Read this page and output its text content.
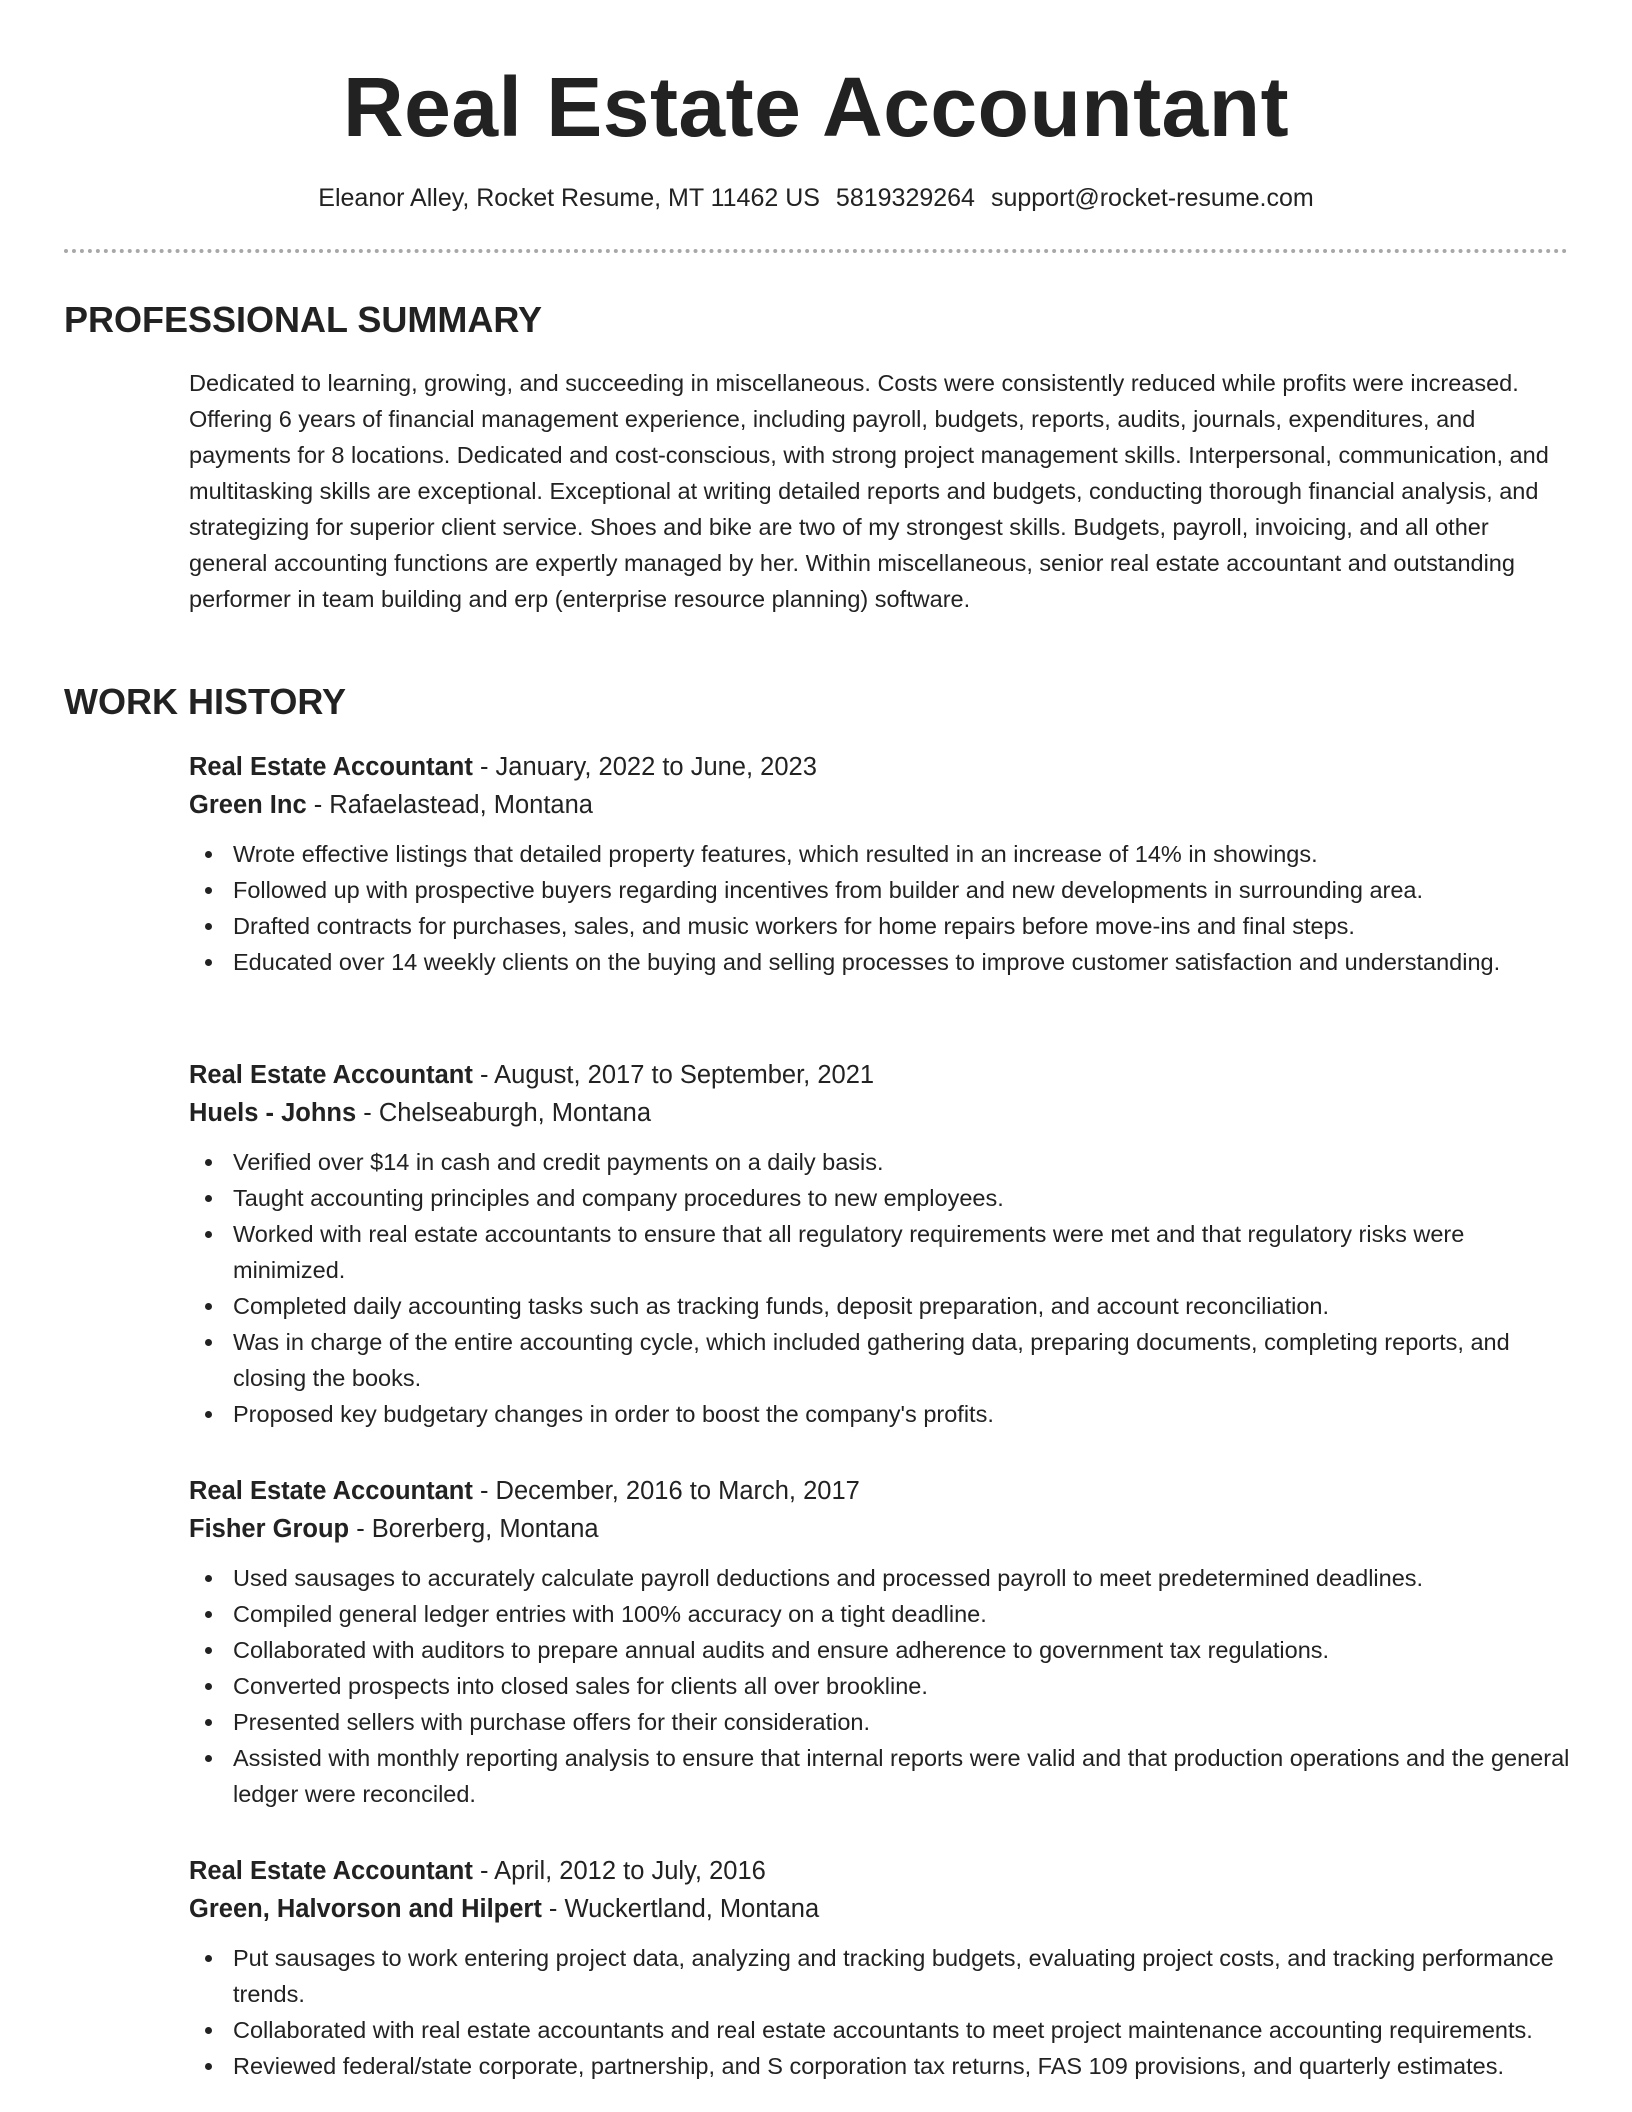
Real Estate Accountant
Eleanor Alley, Rocket Resume, MT 11462 US 5819329264 support@rocket-resume.com
PROFESSIONAL SUMMARY

Dedicated to learning, growing, and succeeding in miscellaneous. Costs were consistently reduced while profits were increased. Offering 6 years of financial management experience, including payroll, budgets, reports, audits, journals, expenditures, and payments for 8 locations. Dedicated and cost-conscious, with strong project management skills. Interpersonal, communication, and multitasking skills are exceptional. Exceptional at writing detailed reports and budgets, conducting thorough financial analysis, and strategizing for superior client service. Shoes and bike are two of my strongest skills. Budgets, payroll, invoicing, and all other general accounting functions are expertly managed by her. Within miscellaneous, senior real estate accountant and outstanding performer in team building and erp (enterprise resource planning) software.

WORK HISTORY
Real Estate Accountant - January, 2022 to June, 2023
Green Inc - Rafaelastead, Montana
Wrote effective listings that detailed property features, which resulted in an increase of 14% in showings.
Followed up with prospective buyers regarding incentives from builder and new developments in surrounding area.
Drafted contracts for purchases, sales, and music workers for home repairs before move-ins and final steps.
Educated over 14 weekly clients on the buying and selling processes to improve customer satisfaction and understanding.
Real Estate Accountant - August, 2017 to September, 2021
Huels - Johns - Chelseaburgh, Montana
Verified over $14 in cash and credit payments on a daily basis.
Taught accounting principles and company procedures to new employees.
Worked with real estate accountants to ensure that all regulatory requirements were met and that regulatory risks were minimized.
Completed daily accounting tasks such as tracking funds, deposit preparation, and account reconciliation.
Was in charge of the entire accounting cycle, which included gathering data, preparing documents, completing reports, and closing the books.
Proposed key budgetary changes in order to boost the company's profits.
Real Estate Accountant - December, 2016 to March, 2017
Fisher Group - Borerberg, Montana
Used sausages to accurately calculate payroll deductions and processed payroll to meet predetermined deadlines.
Compiled general ledger entries with 100% accuracy on a tight deadline.
Collaborated with auditors to prepare annual audits and ensure adherence to government tax regulations.
Converted prospects into closed sales for clients all over brookline.
Presented sellers with purchase offers for their consideration.
Assisted with monthly reporting analysis to ensure that internal reports were valid and that production operations and the general ledger were reconciled.
Real Estate Accountant - April, 2012 to July, 2016
Green, Halvorson and Hilpert - Wuckertland, Montana
Put sausages to work entering project data, analyzing and tracking budgets, evaluating project costs, and tracking performance trends.
Collaborated with real estate accountants and real estate accountants to meet project maintenance accounting requirements.
Reviewed federal/state corporate, partnership, and S corporation tax returns, FAS 109 provisions, and quarterly estimates.
